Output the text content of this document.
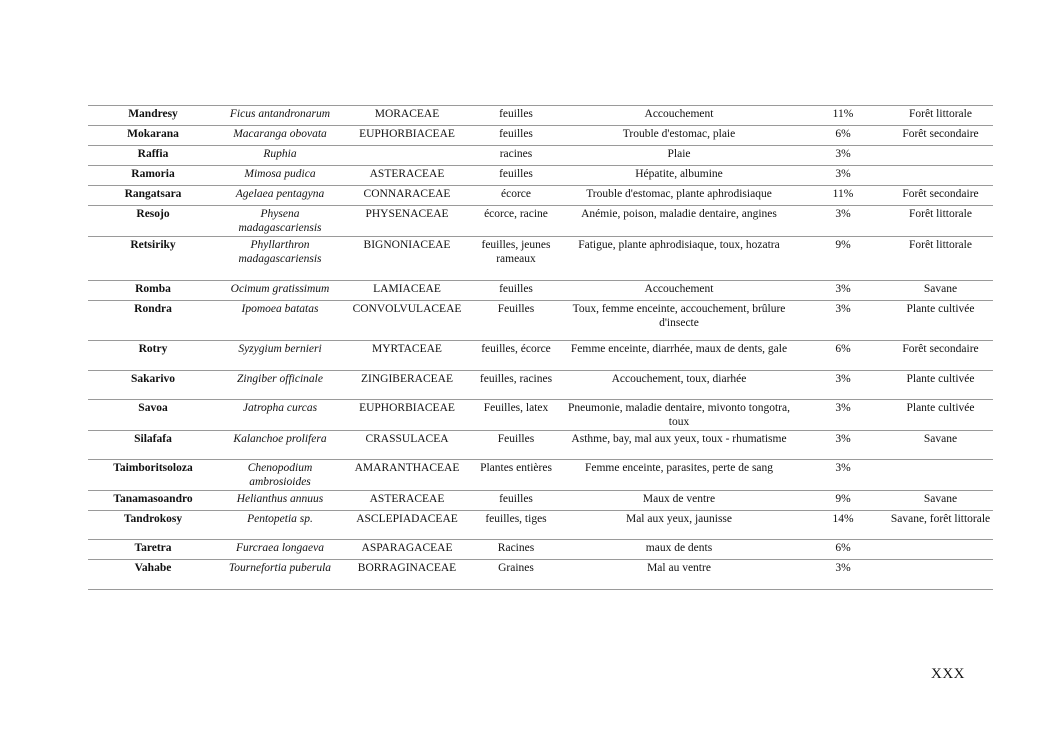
Mandresy	Ficus antandronarum	MORACEAE	feuilles	Accouchement	11%	Forêt littorale
Mokarana	Macaranga obovata	EUPHORBIACEAE	feuilles	Trouble d'estomac, plaie	6%	Forêt secondaire
Raffia	Ruphia		racines	Plaie	3%	
Ramoria	Mimosa pudica	ASTERACEAE	feuilles	Hépatite, albumine	3%	
Rangatsara	Agelaea pentagyna	CONNARACEAE	écorce	Trouble d'estomac, plante aphrodisiaque	11%	Forêt secondaire
Resojo	Physena madagascariensis	PHYSENACEAE	écorce, racine	Anémie, poison, maladie dentaire, angines	3%	Forêt littorale
Retsiriky	Phyllarthron madagascariensis	BIGNONIACEAE	feuilles, jeunes rameaux	Fatigue, plante aphrodisiaque, toux, hozatra	9%	Forêt littorale
Romba	Ocimum gratissimum	LAMIACEAE	feuilles	Accouchement	3%	Savane
Rondra	Ipomoea batatas	CONVOLVULACEAE	Feuilles	Toux, femme enceinte, accouchement, brûlure d'insecte	3%	Plante cultivée
Rotry	Syzygium bernieri	MYRTACEAE	feuilles, écorce	Femme enceinte, diarrhée, maux de dents, gale	6%	Forêt secondaire
Sakarivo	Zingiber officinale	ZINGIBERACEAE	feuilles, racines	Accouchement, toux, diarhée	3%	Plante cultivée
Savoa	Jatropha curcas	EUPHORBIACEAE	Feuilles, latex	Pneumonie, maladie dentaire, mivonto tongotra, toux	3%	Plante cultivée
Silafafa	Kalanchoe prolifera	CRASSULACEA	Feuilles	Asthme, bay, mal aux yeux, toux - rhumatisme	3%	Savane
Taimboritsoloza	Chenopodium ambrosioides	AMARANTHACEAE	Plantes entières	Femme enceinte, parasites, perte de sang	3%	
Tanamasoandro	Helianthus annuus	ASTERACEAE	feuilles	Maux de ventre	9%	Savane
Tandrokosy	Pentopetia sp.	ASCLEPIADACEAE	feuilles, tiges	Mal aux yeux, jaunisse	14%	Savane, forêt littorale
Taretra	Furcraea longaeva	ASPARAGACEAE	Racines	maux de dents	6%	
Vahabe	Tournefortia puberula	BORRAGINACEAE	Graines	Mal au ventre	3%	
XXX
